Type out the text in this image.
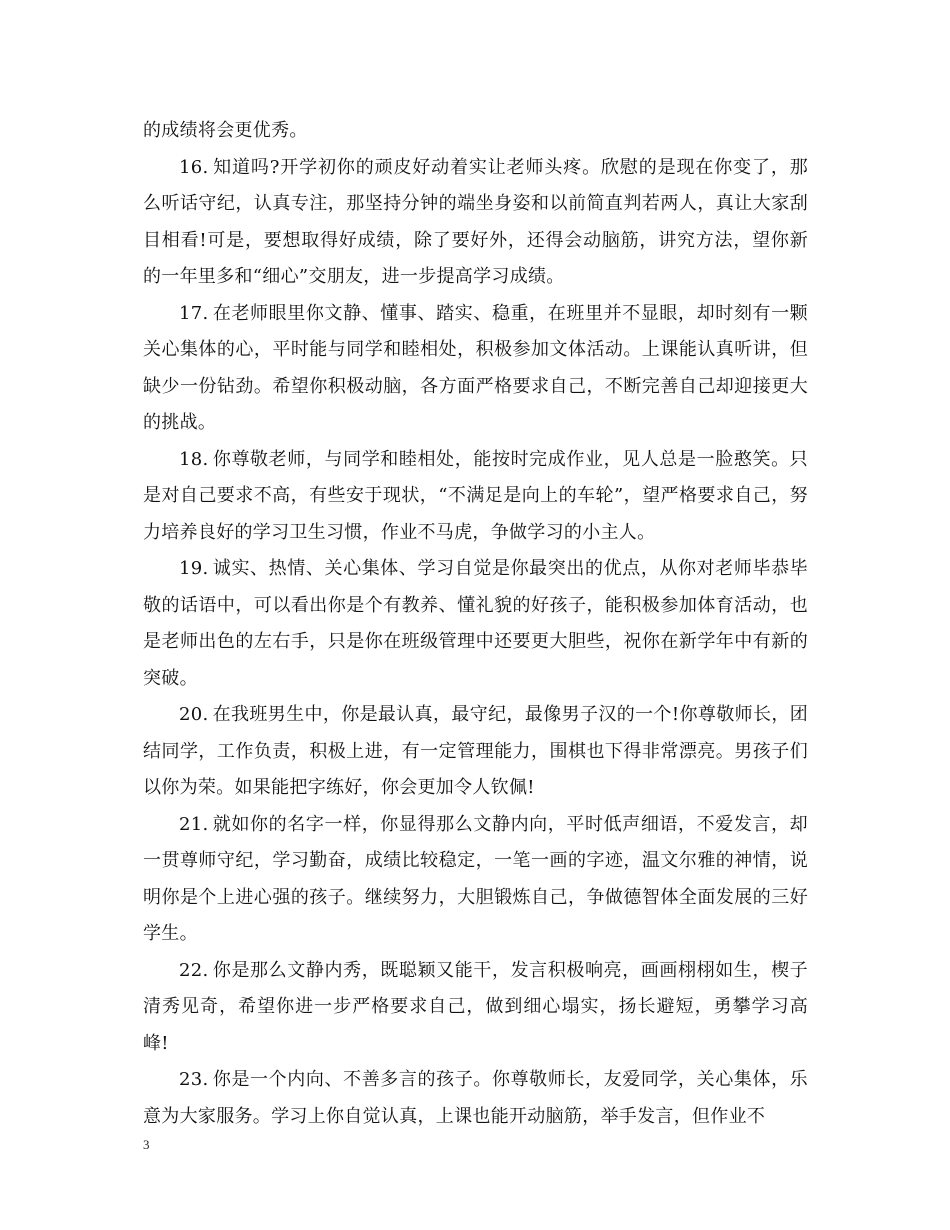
的成绩将会更优秀。

16. 知道吗?开学初你的顽皮好动着实让老师头疼。欣慰的是现在你变了，那么听话守纪，认真专注，那坚持分钟的端坐身姿和以前简直判若两人，真让大家刮目相看!可是，要想取得好成绩，除了要好外，还得会动脑筋，讲究方法，望你新的一年里多和“细心”交朋友，进一步提高学习成绩。

17. 在老师眼里你文静、懂事、踏实、稳重，在班里并不显眼，却时刻有一颗关心集体的心，平时能与同学和睦相处，积极参加文体活动。上课能认真听讲，但缺少一份钻劲。希望你积极动脑，各方面严格要求自己，不断完善自己却迎接更大的挑战。

18. 你尊敬老师，与同学和睦相处，能按时完成作业，见人总是一脸憨笑。只是对自己要求不高，有些安于现状，“不满足是向上的车轮”，望严格要求自己，努力培养良好的学习卫生习惯，作业不马虎，争做学习的小主人。

19. 诚实、热情、关心集体、学习自觉是你最突出的优点，从你对老师毕恭毕敬的话语中，可以看出你是个有教养、懂礼貌的好孩子，能积极参加体育活动，也是老师出色的左右手，只是你在班级管理中还要更大胆些，祝你在新学年中有新的突破。

20. 在我班男生中，你是最认真，最守纪，最像男子汉的一个!你尊敬师长，团结同学，工作负责，积极上进，有一定管理能力，围棋也下得非常漂亮。男孩子们以你为荣。如果能把字练好，你会更加令人钦佩!

21. 就如你的名字一样，你显得那么文静内向，平时低声细语，不爱发言，却一贯尊师守纪，学习勤奋，成绩比较稳定，一笔一画的字迹，温文尔雅的神情，说明你是个上进心强的孩子。继续努力，大胆锻炼自己，争做德智体全面发展的三好学生。

22. 你是那么文静内秀，既聪颖又能干，发言积极响亮，画画栩栩如生，楔子清秀见奇，希望你进一步严格要求自己，做到细心塌实，扬长避短，勇攀学习高峰!

23. 你是一个内向、不善多言的孩子。你尊敬师长，友爱同学，关心集体，乐意为大家服务。学习上你自觉认真，上课也能开动脑筋，举手发言，但作业不

3
